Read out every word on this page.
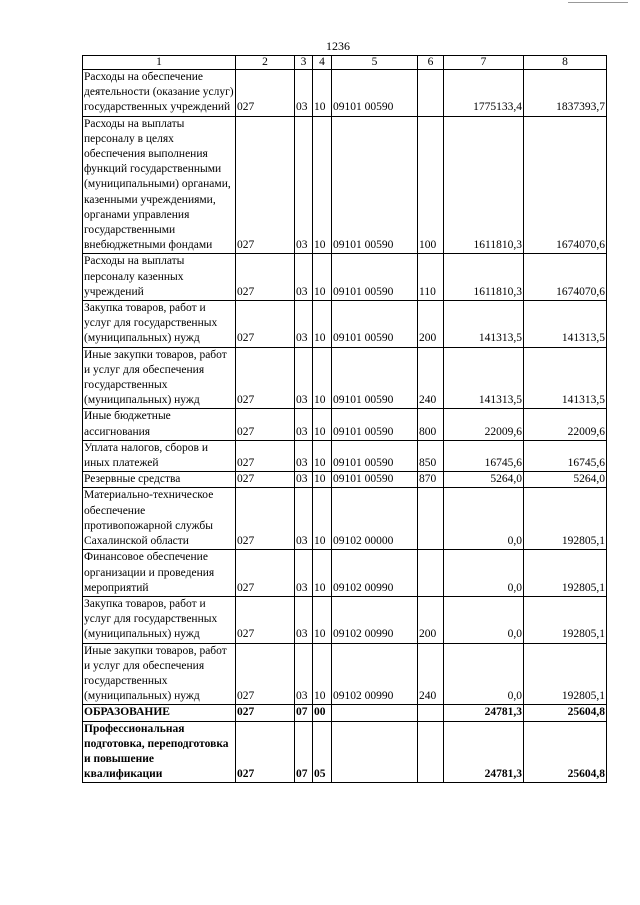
1236
1	2	3	4	5	6	7	8
Расходы на обеспечение деятельности (оказание услуг) государственных учреждений	027	03	10	09101 00590		1775133,4	1837393,7
Расходы на выплаты персоналу в целях обеспечения выполнения функций государственными (муниципальными) органами, казенными учреждениями, органами управления государственными внебюджетными фондами	027	03	10	09101 00590	100	1611810,3	1674070,6
Расходы на выплаты персоналу казенных учреждений	027	03	10	09101 00590	110	1611810,3	1674070,6
Закупка товаров, работ и услуг для государственных (муниципальных) нужд	027	03	10	09101 00590	200	141313,5	141313,5
Иные закупки товаров, работ и услуг для обеспечения государственных (муниципальных) нужд	027	03	10	09101 00590	240	141313,5	141313,5
Иные бюджетные ассигнования	027	03	10	09101 00590	800	22009,6	22009,6
Уплата налогов, сборов и иных платежей	027	03	10	09101 00590	850	16745,6	16745,6
Резервные средства	027	03	10	09101 00590	870	5264,0	5264,0
Материально-техническое обеспечение противопожарной службы Сахалинской области	027	03	10	09102 00000		0,0	192805,1
Финансовое обеспечение организации и проведения мероприятий	027	03	10	09102 00990		0,0	192805,1
Закупка товаров, работ и услуг для государственных (муниципальных) нужд	027	03	10	09102 00990	200	0,0	192805,1
Иные закупки товаров, работ и услуг для обеспечения государственных (муниципальных) нужд	027	03	10	09102 00990	240	0,0	192805,1
ОБРАЗОВАНИЕ	027	07	00			24781,3	25604,8
Профессиональная подготовка, переподготовка и повышение квалификации	027	07	05			24781,3	25604,8
